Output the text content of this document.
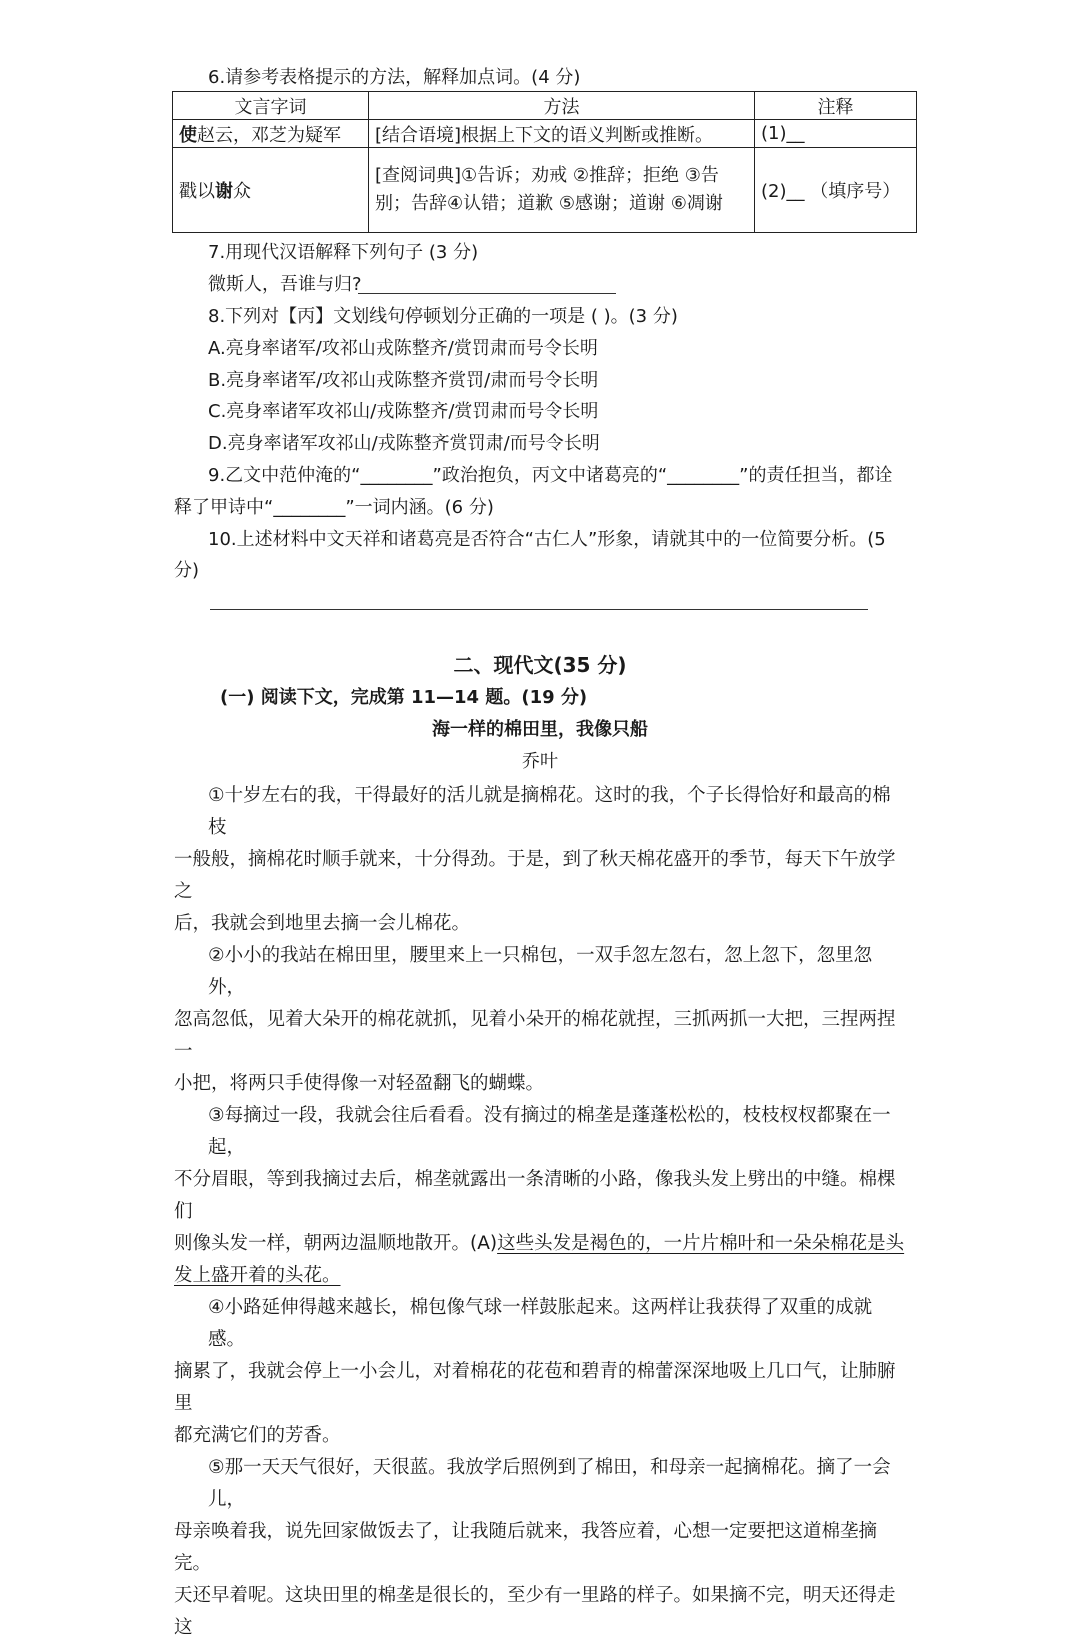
6.请参考表格提示的方法，解释加点词。(4 分)
文言字词	方法	注释
使赵云，邓芝为疑军	[结合语境]根据上下文的语义判断或推断。	(1)__
戳以谢众	[查阅词典]①告诉；劝戒 ②推辞；拒绝 ③告别；告辞④认错；道歉 ⑤感谢；道谢 ⑥凋谢	(2)__ （填序号）
7.用现代汉语解释下列句子 (3 分)
微斯人，吾谁与归?
8.下列对【丙】文划线句停顿划分正确的一项是 ( )。(3 分)
A.亮身率诸军/攻祁山戎陈整齐/赏罚肃而号令长明
B.亮身率诸军/攻祁山戎陈整齐赏罚/肃而号令长明
C.亮身率诸军攻祁山/戎陈整齐/赏罚肃而号令长明
D.亮身率诸军攻祁山/戎陈整齐赏罚肃/而号令长明
9.乙文中范仲淹的“________”政治抱负，丙文中诸葛亮的“________”的责任担当，都诠
释了甲诗中“________”一词内涵。(6 分)
10.上述材料中文天祥和诸葛亮是否符合“古仁人”形象，请就其中的一位简要分析。(5
分)
二、现代文(35 分)
(一) 阅读下文，完成第 11—14 题。(19 分)
海一样的棉田里，我像只船
乔叶

①十岁左右的我，干得最好的活儿就是摘棉花。这时的我，个子长得恰好和最高的棉枝
一般般，摘棉花时顺手就来，十分得劲。于是，到了秋天棉花盛开的季节，每天下午放学之
后，我就会到地里去摘一会儿棉花。

②小小的我站在棉田里，腰里来上一只棉包，一双手忽左忽右，忽上忽下，忽里忽外，
忽高忽低，见着大朵开的棉花就抓，见着小朵开的棉花就捏，三抓两抓一大把，三捏两捏一
小把，将两只手使得像一对轻盈翻飞的蝴蝶。

③每摘过一段，我就会往后看看。没有摘过的棉垄是蓬蓬松松的，枝枝杈杈都聚在一起，
不分眉眼，等到我摘过去后，棉垄就露出一条清晰的小路，像我头发上劈出的中缝。棉棵们
则像头发一样，朝两边温顺地散开。(A)这些头发是褐色的，一片片棉叶和一朵朵棉花是头
发上盛开着的头花。

④小路延伸得越来越长，棉包像气球一样鼓胀起来。这两样让我获得了双重的成就感。
摘累了，我就会停上一小会儿，对着棉花的花苞和碧青的棉蕾深深地吸上几口气，让肺腑里
都充满它们的芳香。

⑤那一天天气很好，天很蓝。我放学后照例到了棉田，和母亲一起摘棉花。摘了一会儿，
母亲唤着我，说先回家做饭去了，让我随后就来，我答应着，心想一定要把这道棉垄摘完。
天还早着呢。这块田里的棉垄是很长的，至少有一里路的样子。如果摘不完，明天还得走这
